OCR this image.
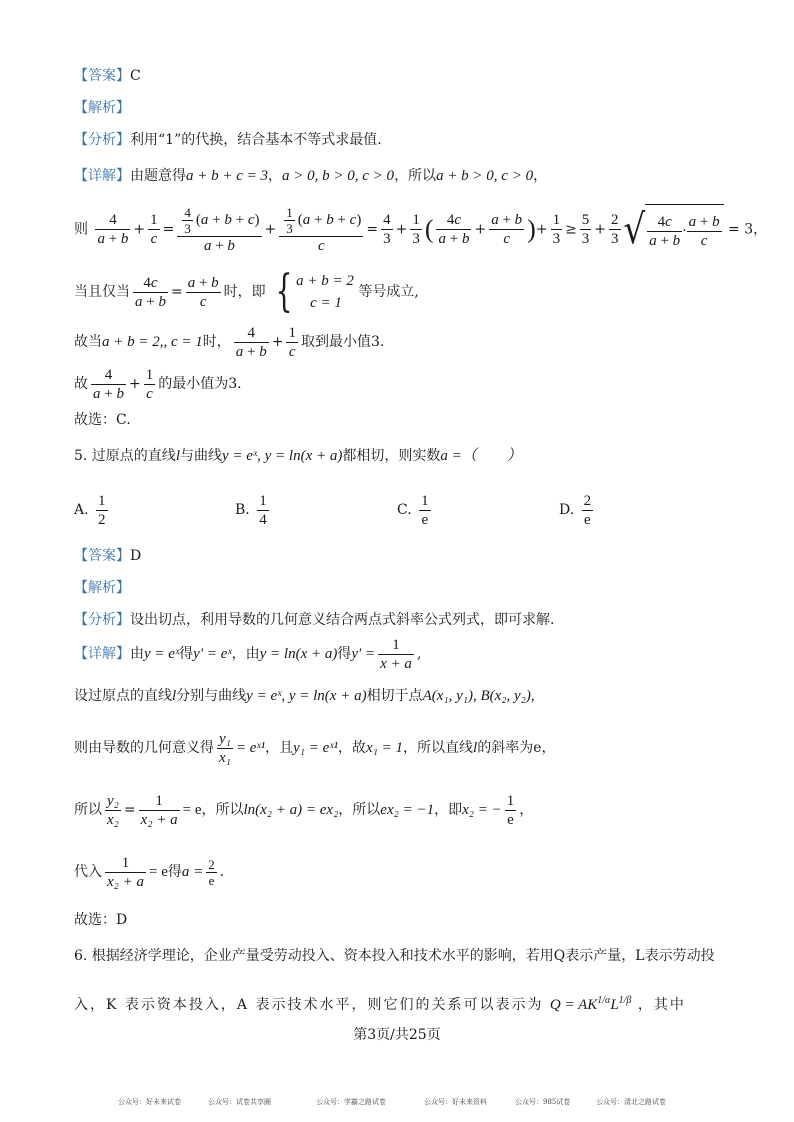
【答案】C
【解析】
【分析】利用“1”的代换，结合基本不等式求最值.
【详解】由题意得a + b + c = 3，a > 0, b > 0, c > 0，所以a + b > 0, c > 0，
则 $\frac{4}{a + b} + \frac{1}{c} = \frac{\frac{4}{3} (a + b + c)}{a + b} + \frac{\frac{1}{3} (a + b + c)}{c} = \frac{4}{3} + \frac{1}{3}$ ( $\frac{4c}{a + b} + \frac{a + b}{c}$ )+ $\frac{1}{3} \ge \frac{5}{3} + \frac{2}{3}$ √ $\frac{4c}{a + b} \cdot \frac{a + b}{c} = 3$，
当且仅当 $\frac{4c}{a + b} = \frac{a + b}{c}$ 时，即 { a + b = 2
c = 1
等号成立,
故当a + b = 2,, c = 1时， $\frac{4}{a + b} + \frac{1}{c}$ 取到最小值3.
故 $\frac{4}{a + b} + \frac{1}{c}$ 的最小值为3.
故选：C.
5. 过原点的直线l与曲线y = eˣ, y = ln(x + a)都相切，则实数a =（　　）
A. $\frac{1}{2}$	B. $\frac{1}{4}$	C. $\frac{1}{e}$	D. $\frac{2}{e}$
【答案】D
【解析】
【分析】设出切点，利用导数的几何意义结合两点式斜率公式列式，即可求解.
【详解】由y = eˣ得y′ = eˣ，由y = ln(x + a)得$y' = \frac{1}{x + a}$ ,
设过原点的直线l分别与曲线y = eˣ, y = ln(x + a)相切于点A(x₁, y₁), B(x₂, y₂),
则由导数的几何意义得 $\frac{\text{y₁}}{\text{x₁}}$ = eˣ¹，且y₁ = eˣ¹，故x₁ = 1，所以直线l的斜率为e，
所以 $\frac{\text{y₂}}{\text{x₂}} = \frac{1}{\text{x₂ + a}} = e$，所以ln(x₂ + a) = ex₂，所以ex₂ = −1，即x₂ = − $\frac{1}{e}$ ，
代入 $\frac{1}{\text{x₂ + a}} = e$得$a = \frac{2}{e}$ .
故选：D
6. 根据经济学理论，企业产量受劳动投入、资本投入和技术水平的影响，若用Q表示产量，L表示劳动投
入，K 表示资本投入，A 表示技术水平，则它们的关系可以表示为 $Q = AK^{1/\alpha}L^{1/\beta}$ ，其中
第3页/共25页
公众号：好未来试卷	公众号：试卷共享圈	公众号：学霸之路试卷	公众号：好未来资料	公众号：985试卷	公众号：清北之路试卷
